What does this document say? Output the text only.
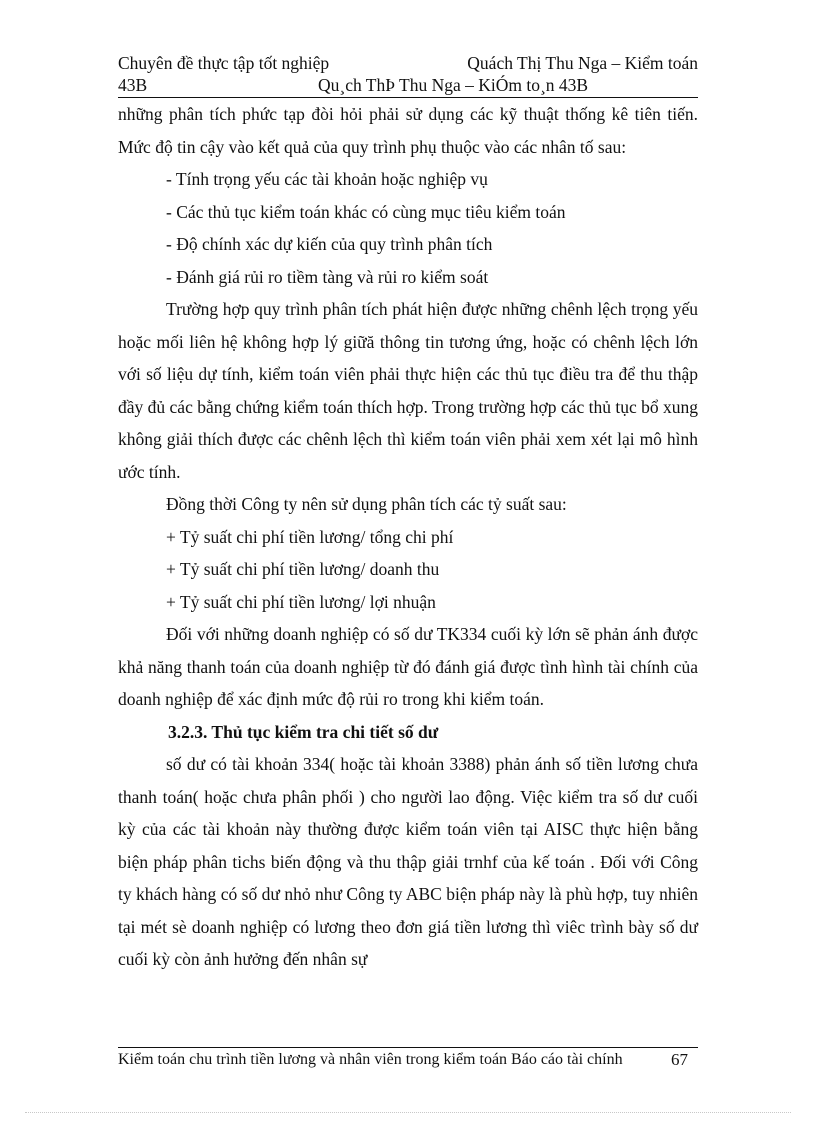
Chuyên đề thực tập tốt nghiệp	Quách Thị Thu Nga – Kiểm toán
43B	Qu¸ch ThÞ Thu Nga – KiÓm to¸n 43B

những phân tích phức tạp đòi hỏi phải sử dụng các kỹ thuật thống kê tiên tiến. Mức độ tin cậy vào kết quả của quy trình phụ thuộc vào các nhân tố sau:

- Tính trọng yếu các tài khoản hoặc nghiệp vụ

- Các thủ tục kiểm toán khác có cùng mục tiêu kiểm toán

- Độ chính xác dự kiến của quy trình phân tích

- Đánh giá rủi ro tiềm tàng và rủi ro kiểm soát

Trường hợp quy trình phân tích phát hiện được những chênh lệch trọng yếu hoặc mối liên hệ không hợp lý giữă thông tin tương ứng, hoặc có chênh lệch lớn với số liệu dự tính, kiểm toán viên phải thực hiện các thủ tục điều tra để thu thập đầy đủ các bằng chứng kiểm toán thích hợp. Trong trường hợp các thủ tục bổ xung không giải thích được các chênh lệch thì kiểm toán viên phải xem xét lại mô hình ước tính.

Đồng thời Công ty nên sử dụng phân tích các tỷ suất sau:

+ Tỷ suất chi phí tiền lương/ tổng chi phí

+ Tỷ suất chi phí tiền lương/ doanh thu

+ Tỷ suất chi phí tiền lương/ lợi nhuận

Đối với những doanh nghiệp có số dư TK334 cuối kỳ lớn sẽ phản ánh được khả năng thanh toán của doanh nghiệp từ đó đánh giá được tình hình tài chính của doanh nghiệp để xác định mức độ rủi ro trong khi kiểm toán.

3.2.3. Thủ tục kiểm tra chi tiết số dư

số dư có tài khoản 334( hoặc tài khoản 3388) phản ánh số tiền lương chưa thanh toán( hoặc chưa phân phối ) cho người lao động. Việc kiểm tra số dư cuối kỳ của các tài khoản này thường được kiểm toán viên tại AISC thực hiện bằng biện pháp phân tichs biến động và thu thập giải trnhf của kế toán . Đối với Công ty khách hàng có số dư nhỏ như Công ty ABC biện pháp này là phù hợp, tuy nhiên tại mét sè doanh nghiệp có lương theo đơn giá tiền lương thì viêc trình bày số dư cuối kỳ còn ảnh hưởng đến nhân sự

Kiểm toán chu trình tiền lương và nhân viên trong kiểm toán Báo cáo tài chính	67
